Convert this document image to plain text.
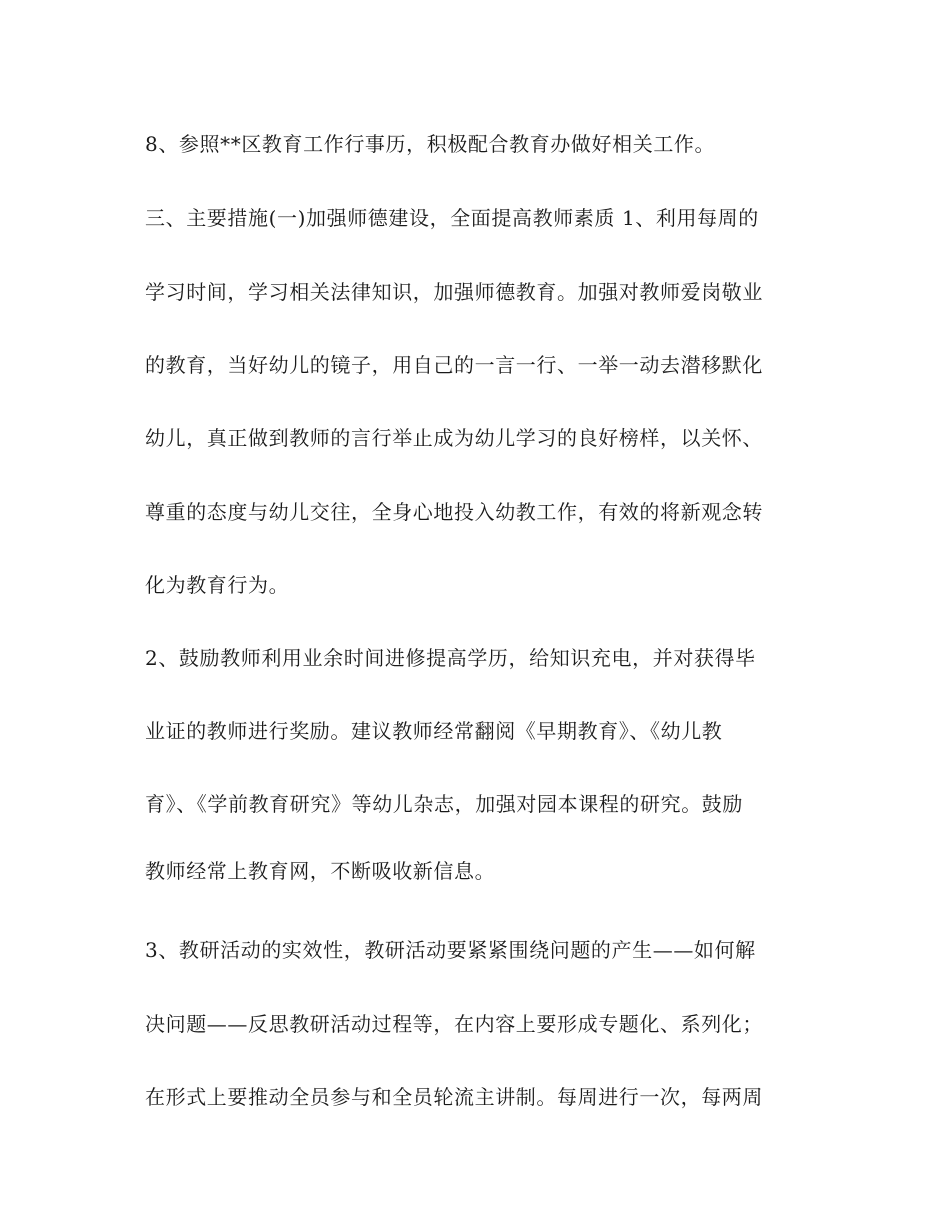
8、参照**区教育工作行事历，积极配合教育办做好相关工作。
三、主要措施(一)加强师德建设，全面提高教师素质 1、利用每周的
学习时间，学习相关法律知识，加强师德教育。加强对教师爱岗敬业
的教育，当好幼儿的镜子，用自己的一言一行、一举一动去潜移默化
幼儿，真正做到教师的言行举止成为幼儿学习的良好榜样，以关怀、
尊重的态度与幼儿交往，全身心地投入幼教工作，有效的将新观念转
化为教育行为。
2、鼓励教师利用业余时间进修提高学历，给知识充电，并对获得毕
业证的教师进行奖励。建议教师经常翻阅《早期教育》、《幼儿教
育》、《学前教育研究》等幼儿杂志，加强对园本课程的研究。鼓励
教师经常上教育网，不断吸收新信息。
3、教研活动的实效性，教研活动要紧紧围绕问题的产生——如何解
决问题——反思教研活动过程等，在内容上要形成专题化、系列化；
在形式上要推动全员参与和全员轮流主讲制。每周进行一次，每两周
